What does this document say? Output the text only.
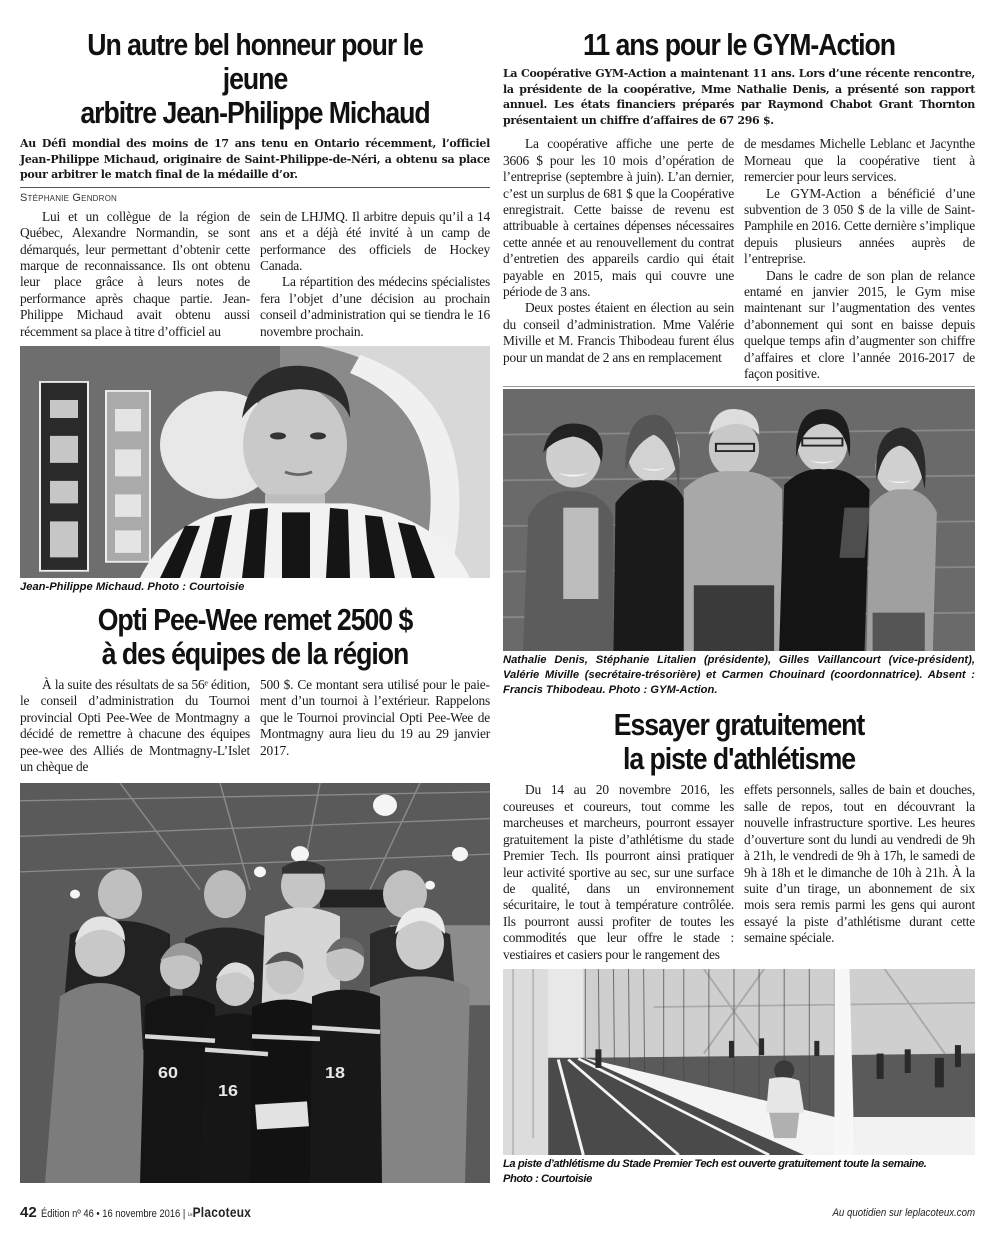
Un autre bel honneur pour le jeune
arbitre Jean-Philippe Michaud
Au Défi mondial des moins de 17 ans tenu en Ontario récemment, l’officiel Jean-Philippe Michaud, originaire de Saint-Philippe-de-Néri, a obtenu sa place pour arbitrer le match final de la médaille d’or.
Stéphanie Gendron

Lui et un collègue de la région de Québec, Alexandre Normandin, se sont démarqués, leur permettant d’obtenir cette marque de reconnaissance. Ils ont obtenu leur place grâce à leurs notes de performance après chaque partie. Jean-Philippe Michaud avait obtenu aussi récemment sa place à titre d’officiel au

sein de LHJMQ. Il arbitre depuis qu’il a 14 ans et a déjà été invité à un camp de performance des officiels de Hockey Canada.

La répartition des médecins spécialistes fera l’objet d’une décision au prochain conseil d’administration qui se tiendra le 16 novembre prochain.

Jean-Philippe Michaud. Photo : Courtoisie
Opti Pee-Wee remet 2500 $
à des équipes de la région

À la suite des résultats de sa 56ᵉ édition, le conseil d’administration du Tournoi provincial Opti Pee-Wee de Montmagny a décidé de remettre à chacune des équipes pee-wee des Alliés de Montmagny-L’Islet un chèque de

500 $. Ce montant sera utilisé pour le paiement d’un tournoi à l’extérieur. Rappelons que le Tournoi provincial Opti Pee-Wee de Montmagny aura lieu du 19 au 29 janvier 2017.

60
16
18
11 ans pour le GYM-Action
La Coopérative GYM-Action a maintenant 11 ans. Lors d’une récente rencontre, la présidente de la coopérative, Mme Nathalie Denis, a présenté son rapport annuel. Les états financiers préparés par Raymond Chabot Grant Thornton présentaient un chiffre d’affaires de 67 296 $.

La coopérative affiche une perte de 3606 $ pour les 10 mois d’opération de l’entreprise (septembre à juin). L’an dernier, c’est un surplus de 681 $ que la Coopérative enregistrait. Cette baisse de revenu est attribuable à certaines dépenses nécessaires cette année et au renouvellement du contrat d’entretien des appareils cardio qui était payable en 2015, mais qui couvre une période de 3 ans.

Deux postes étaient en élection au sein du conseil d’administration. Mme Valérie Miville et M. Francis Thibodeau furent élus pour un mandat de 2 ans en remplacement

de mesdames Michelle Leblanc et Jacynthe Morneau que la coopérative tient à remercier pour leurs services.

Le GYM-Action a bénéficié d’une subvention de 3 050 $ de la ville de Saint-Pamphile en 2016. Cette dernière s’implique depuis plusieurs années auprès de l’entreprise.

Dans le cadre de son plan de relance entamé en janvier 2015, le Gym mise maintenant sur l’augmentation des ventes d’abonnement qui sont en baisse depuis quelque temps afin d’augmenter son chiffre d’affaires et clore l’année 2016-2017 de façon positive.

Nathalie Denis, Stéphanie Litalien (présidente), Gilles Vaillancourt (vice-président), Valérie Miville (secrétaire-trésorière) et Carmen Chouinard (coordonnatrice). Absent : Francis Thibodeau. Photo : GYM-Action.
Essayer gratuitement
la piste d'athlétisme

Du 14 au 20 novembre 2016, les coureuses et coureurs, tout comme les marcheuses et marcheurs, pourront essayer gratuitement la piste d’athlétisme du stade Premier Tech. Ils pourront ainsi pratiquer leur activité sportive au sec, sur une surface de qualité, dans un environnement sécuritaire, le tout à température contrôlée. Ils pourront aussi profiter de toutes les commodités que leur offre le stade : vestiaires et casiers pour le rangement des

effets personnels, salles de bain et douches, salle de repos, tout en découvrant la nouvelle infrastructure sportive. Les heures d’ouverture sont du lundi au vendredi de 9h à 21h, le vendredi de 9h à 17h, le samedi de 9h à 18h et le dimanche de 10h à 21h. À la suite d’un tirage, un abonnement de six mois sera remis parmi les gens qui auront essayé la piste d’athlétisme durant cette semaine spéciale.

La piste d’athlétisme du Stade Premier Tech est ouverte gratuitement toute la semaine.
Photo : Courtoisie
42 Édition nº 46 • 16 novembre 2016 | LePlacoteux	Au quotidien sur leplacoteux.com
